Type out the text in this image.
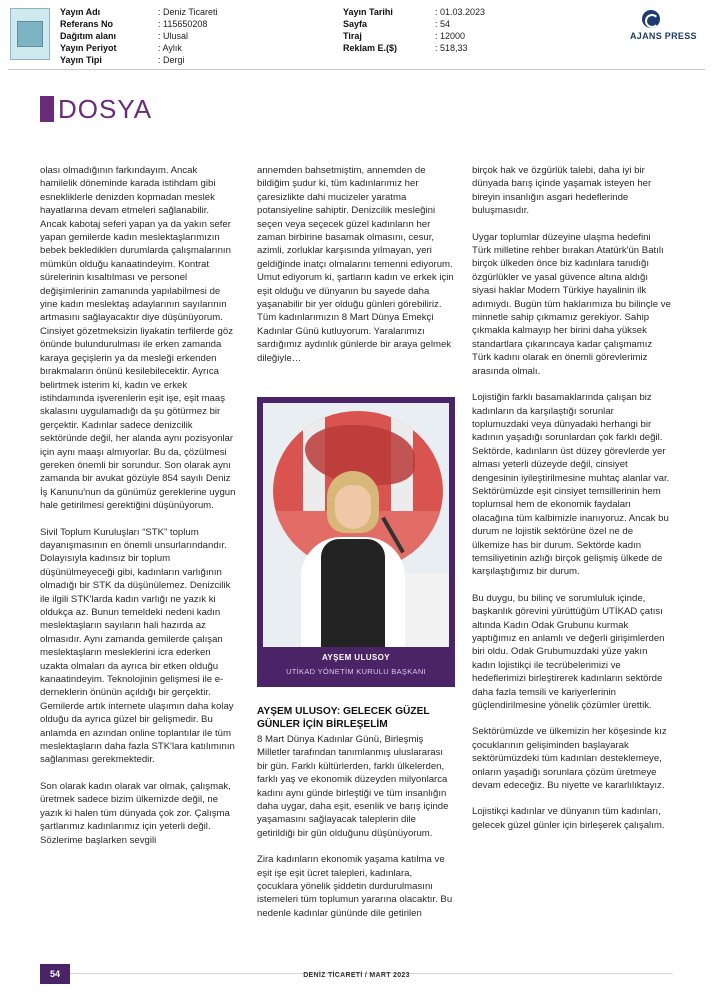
Yayın Adı	: Deniz Ticareti
Referans No	: 115650208
Dağıtım alanı	: Ulusal
Yayın Periyot	: Aylık
Yayın Tipi	: Dergi
Yayın Tarihi	: 01.03.2023
Sayfa	: 54
Tiraj	: 12000
Reklam E.($)	: 518,33
AJANS PRESS
DOSYA

olası olmadığının farkındayım. Ancak hamilelik döneminde karada istihdam gibi esnekliklerle denizden kopmadan meslek hayatlarına devam etmeleri sağlanabilir. Ancak kabotaj seferi yapan ya da yakın sefer yapan gemilerde kadın meslektaşlarımızın bebek beklediklerı durumlarda çalışmalarının mümkün olduğu kanaatindeyim. Kontrat sürelerinin kısaltılması ve personel değişimlerinin zamanında yapılabilmesi de yine kadın meslektaş adaylarının sayılarının artmasını sağlayacaktır diye düşünüyorum. Cinsiyet gözetmeksizin liyakatin terfilerde göz önünde bulundurulması ile erken zamanda karaya geçişlerin ya da mesleği erkenden bırakmaların önünü kesilebilecektir. Ayrıca belirtmek isterim ki, kadın ve erkek istihdamında işverenlerin eşit işe, eşit maaş skalasını uygulamadığı da şu götürmez bir gerçektir. Kadınlar sadece denizcilik sektöründe değil, her alanda aynı pozisyonlar için aynı maaşı almıyorlar. Bu da, çözülmesi gereken önemli bir sorundur. Son olarak aynı zamanda bir avukat gözüyle 854 sayılı Deniz İş Kanunu'nun da günümüz gereklerine uygun hale getirilmesi gerektiğini düşünüyorum.

Sivil Toplum Kuruluşları “STK” toplum dayanışmasının en önemli unsurlarındandır. Dolayısıyla kadınsız bir toplum düşünülmeyeceği gibi, kadınların varlığının olmadığı bir STK da düşünülemez. Denizcilik ile ilgili STK'larda kadın varlığı ne yazık ki oldukça az. Bunun temeldeki nedeni kadın meslektaşların sayıların hali hazırda az olmasıdır. Aynı zamanda gemilerde çalışan meslektaşların mesleklerini icra ederken uzakta olmaları da ayrıca bir etken olduğu kanaatindeyim. Teknolojinin gelişmesi ile e-derneklerin önünün açıldığı bir gerçektir. Gemilerde artık internete ulaşımın daha kolay olduğu da ayrıca güzel bir gelişmedir. Bu anlamda en azından online toplantılar ile tüm meslektaşların daha fazla STK'lara katılımının sağlanması gerekmektedir.

Son olarak kadın olarak var olmak, çalışmak, üretmek sadece bizim ülkemizde değil, ne yazık ki halen tüm dünyada çok zor. Çalışma şartlarımız kadınlarımız için yeterli değil. Sözlerime başlarken sevgili

annemden bahsetmiştim, annemden de bildiğim şudur ki, tüm kadınlarımız her çaresizlikte dahi mucizeler yaratma potansiyeline sahiptir. Denizcilik mesleğini seçen veya seçecek güzel kadınların her zaman birbirine basamak olmasını, cesur, azimli, zorluklar karşısında yılmayan, yeri geldiğinde inatçı olmalarını temenni ediyorum. Umut ediyorum ki, şartların kadın ve erkek için eşit olduğu ve dünyanın bu sayede daha yaşanabilir bir yer olduğu günleri görebiliriz. Tüm kadınlarımızın 8 Mart Dünya Emekçi Kadınlar Günü kutluyorum. Yaralarımızı sardığımız aydınlık günlerde bir araya gelmek dileğiyle…

AYŞEM ULUSOY
UTİKAD YÖNETİM KURULU BAŞKANI
AYŞEM ULUSOY: GELECEK GÜZEL GÜNLER İÇİN BİRLEŞELİM

8 Mart Dünya Kadınlar Günü, Birleşmiş Milletler tarafından tanımlanmış uluslararası bir gün. Farklı kültürlerden, farklı ülkelerden, farklı yaş ve ekonomik düzeyden milyonlarca kadını aynı günde birleştiği ve tüm insanlığın daha uygar, daha eşit, esenlik ve barış içinde yaşamasını sağlayacak taleplerin dile getirildiği bir gün olduğunu düşünüyorum.

Zira kadınların ekonomik yaşama katılma ve eşit işe eşit ücret talepleri, kadınlara, çocuklara yönelik şiddetin durdurulmasını istemeleri tüm toplumun yararına olacaktır. Bu nedenle kadınlar gününde dile getirilen

birçok hak ve özgürlük talebi, daha iyi bir dünyada barış içinde yaşamak isteyen her bireyin insanlığın asgari hedeflerinde buluşmasıdır.

Uygar toplumlar düzeyine ulaşma hedefini Türk milletine rehber bırakan Atatürk'ün Batılı birçok ülkeden önce biz kadınlara tanıdığı özgürlükler ve yasal güvence altına aldığı siyasi haklar Modern Türkiye hayalinin ilk adımıydı. Bugün tüm haklarımıza bu bilinçle ve minnetle sahip çıkmamız gerekiyor. Sahip çıkmakla kalmayıp her birini daha yüksek standartlara çıkarıncaya kadar çalışmamız Türk kadını olarak en önemli görevlerimiz arasında olmalı.

Lojistiğin farklı basamaklarında çalışan biz kadınların da karşılaştığı sorunlar toplumuzdaki veya dünyadaki herhangi bir kadının yaşadığı sorunlardan çok farklı değil. Sektörde, kadınların üst düzey görevlerde yer alması yeterli düzeyde değil, cinsiyet dengesinin iyileştirilmesine muhtaç alanlar var. Sektörümüzde eşit cinsiyet temsillerinin hem toplumsal hem de ekonomik faydaları olacağına tüm kalbimizle inanıyoruz. Ancak bu durum ne lojistik sektörüne özel ne de ülkemize has bir durum. Sektörde kadın temsiliyetinin azlığı birçok gelişmiş ülkede de karşılaştığımız bir durum.

Bu duygu, bu bilinç ve sorumluluk içinde, başkanlık görevini yürüttüğüm UTİKAD çatısı altında Kadın Odak Grubunu kurmak yaptığımız en anlamlı ve değerli girişimlerden biri oldu. Odak Grubumuzdaki yüze yakın kadın lojistikçi ile tecrübelerimizi ve hedeflerimizi birleştirerek kadınların sektörde daha fazla temsili ve kariyerlerinin güçlendirilmesine yönelik çözümler ürettik.

Sektörümüzde ve ülkemizin her köşesinde kız çocuklarının gelişiminden başlayarak sektörümüzdeki tüm kadınları desteklemeye, onların yaşadığı sorunlara çözüm üretmeye devam edeceğiz. Bu niyette ve kararlılıktayız.

Lojistikçi kadınlar ve dünyanın tüm kadınları, gelecek güzel günler için birleşerek çalışalım.

54	DENİZ TİCARETİ / MART 2023
